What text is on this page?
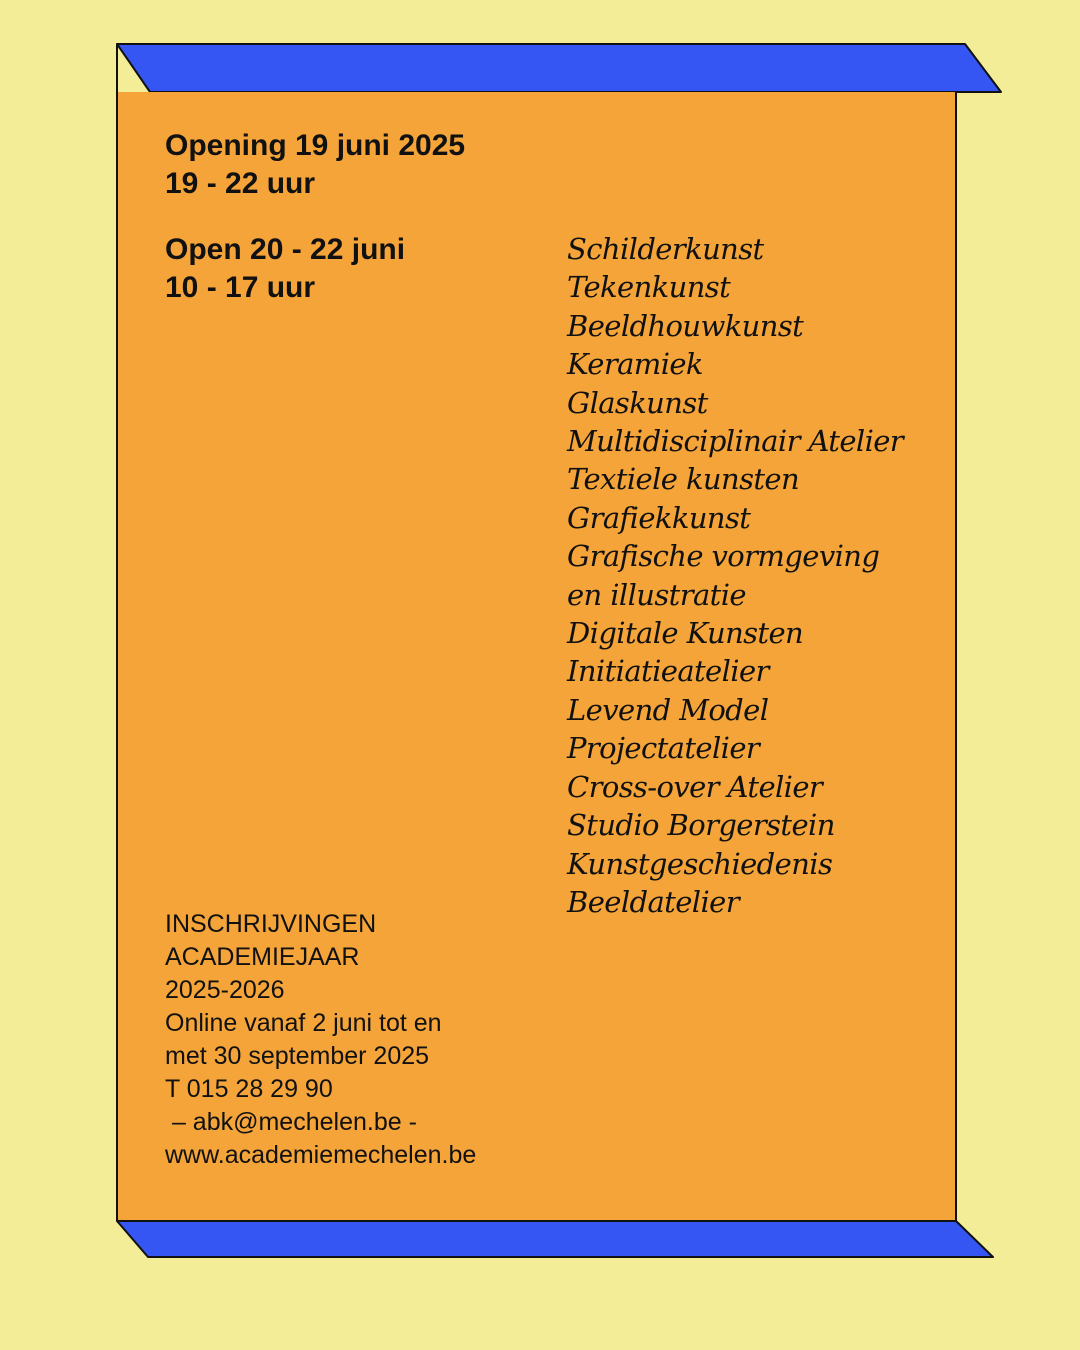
Opening 19 juni 2025
19 - 22 uur
Open 20 - 22 juni
10 - 17 uur
Schilderkunst
Tekenkunst
Beeldhouwkunst
Keramiek
Glaskunst
Multidisciplinair Atelier
Textiele kunsten
Grafiekkunst
Grafische vormgeving
en illustratie
Digitale Kunsten
Initiatieatelier
Levend Model
Projectatelier
Cross-over Atelier
Studio Borgerstein
Kunstgeschiedenis
Beeldatelier
INSCHRIJVINGEN
ACADEMIEJAAR
2025-2026
Online vanaf 2 juni tot en
met 30 september 2025
T 015 28 29 90
– abk@mechelen.be -
www.academiemechelen.be
